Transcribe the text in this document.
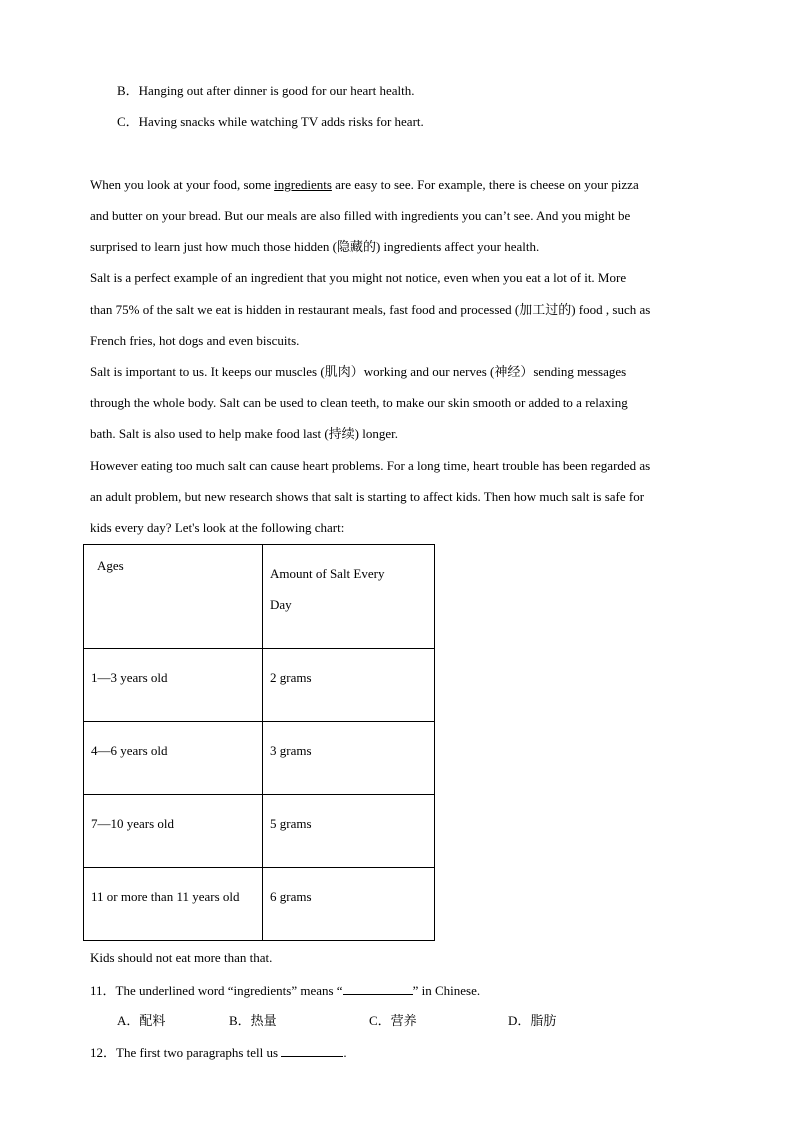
B．Hanging out after dinner is good for our heart health.
C．Having snacks while watching TV adds risks for heart.
When you look at your food, some ingredients are easy to see. For example, there is cheese on your pizza
and butter on your bread. But our meals are also filled with ingredients you can’t see. And you might be
surprised to learn just how much those hidden (隐藏的) ingredients affect your health.
Salt is a perfect example of an ingredient that you might not notice, even when you eat a lot of it. More
than 75% of the salt we eat is hidden in restaurant meals, fast food and processed (加工过的) food , such as
French fries, hot dogs and even biscuits.
Salt is important to us. It keeps our muscles (肌肉）working and our nerves (神经）sending messages
through the whole body. Salt can be used to clean teeth, to make our skin smooth or added to a relaxing
bath. Salt is also used to help make food last (持续) longer.
However eating too much salt can cause heart problems. For a long time, heart trouble has been regarded as
an adult problem, but new research shows that salt is starting to affect kids. Then how much salt is safe for
kids every day? Let's look at the following chart:
Ages	Amount of Salt Every
Day

1—3 years old	2 grams

4—6 years old	3 grams

7—10 years old	5 grams

11 or more than 11 years old	6 grams
Kids should not eat more than that.
11．The underlined word “ingredients” means “	” in Chinese.
A．配料	B．热量	C．营养	D．脂肪
12．The first two paragraphs tell us	.
